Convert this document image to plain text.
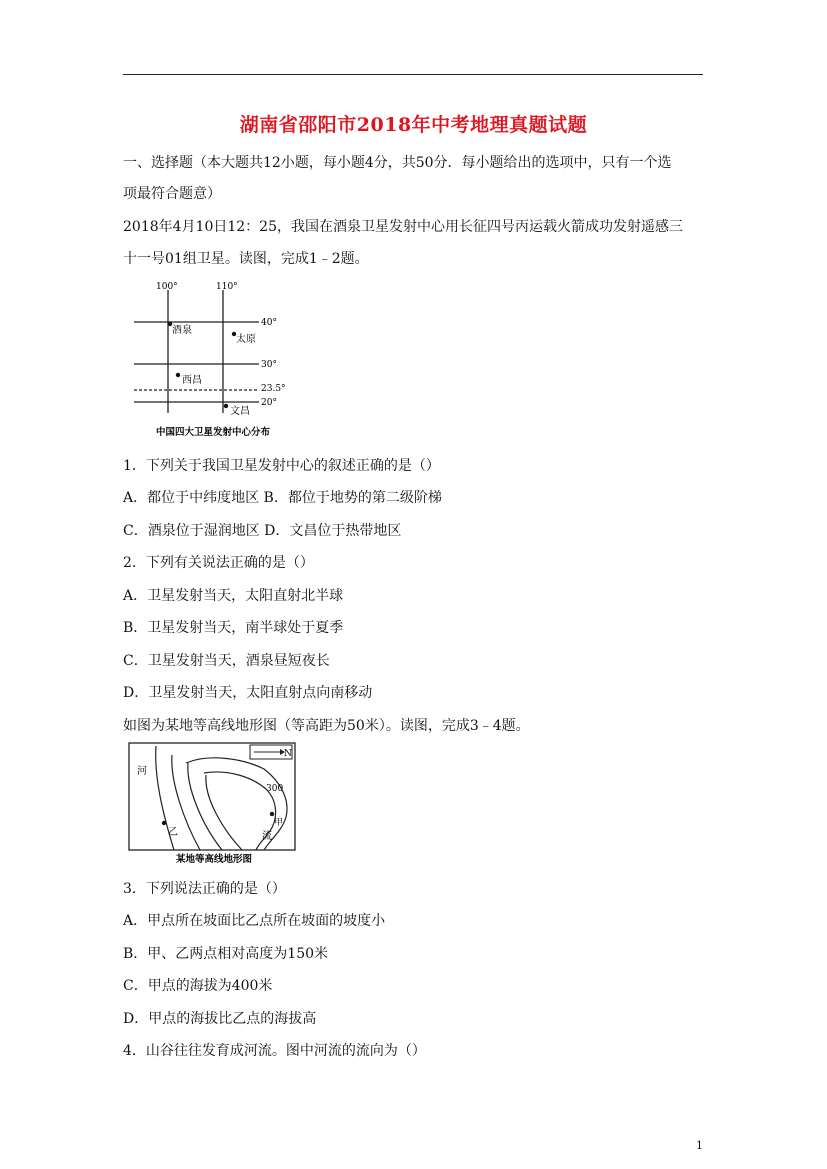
湖南省邵阳市2018年中考地理真题试题
一、选择题（本大题共12小题，每小题4分，共50分．每小题给出的选项中，只有一个选
项最符合题意）
2018年4月10日12：25，我国在酒泉卫星发射中心用长征四号丙运载火箭成功发射遥感三
十一号01组卫星。读图，完成1﹣2题。
100°	110°
40°
30°
23.5°
20°
酒泉
太原
西昌
文昌
中国四大卫星发射中心分布
1．下列关于我国卫星发射中心的叙述正确的是（）
A．都位于中纬度地区 B．都位于地势的第二级阶梯
C．酒泉位于湿润地区 D．文昌位于热带地区
2．下列有关说法正确的是（）
A．卫星发射当天，太阳直射北半球
B．卫星发射当天，南半球处于夏季
C．卫星发射当天，酒泉昼短夜长
D．卫星发射当天，太阳直射点向南移动
如图为某地等高线地形图（等高距为50米）。读图，完成3﹣4题。
N
300
甲
乙
河
流
某地等高线地形图
3．下列说法正确的是（）
A．甲点所在坡面比乙点所在坡面的坡度小
B．甲、乙两点相对高度为150米
C．甲点的海拔为400米
D．甲点的海拔比乙点的海拔高
4．山谷往往发育成河流。图中河流的流向为（）
1
